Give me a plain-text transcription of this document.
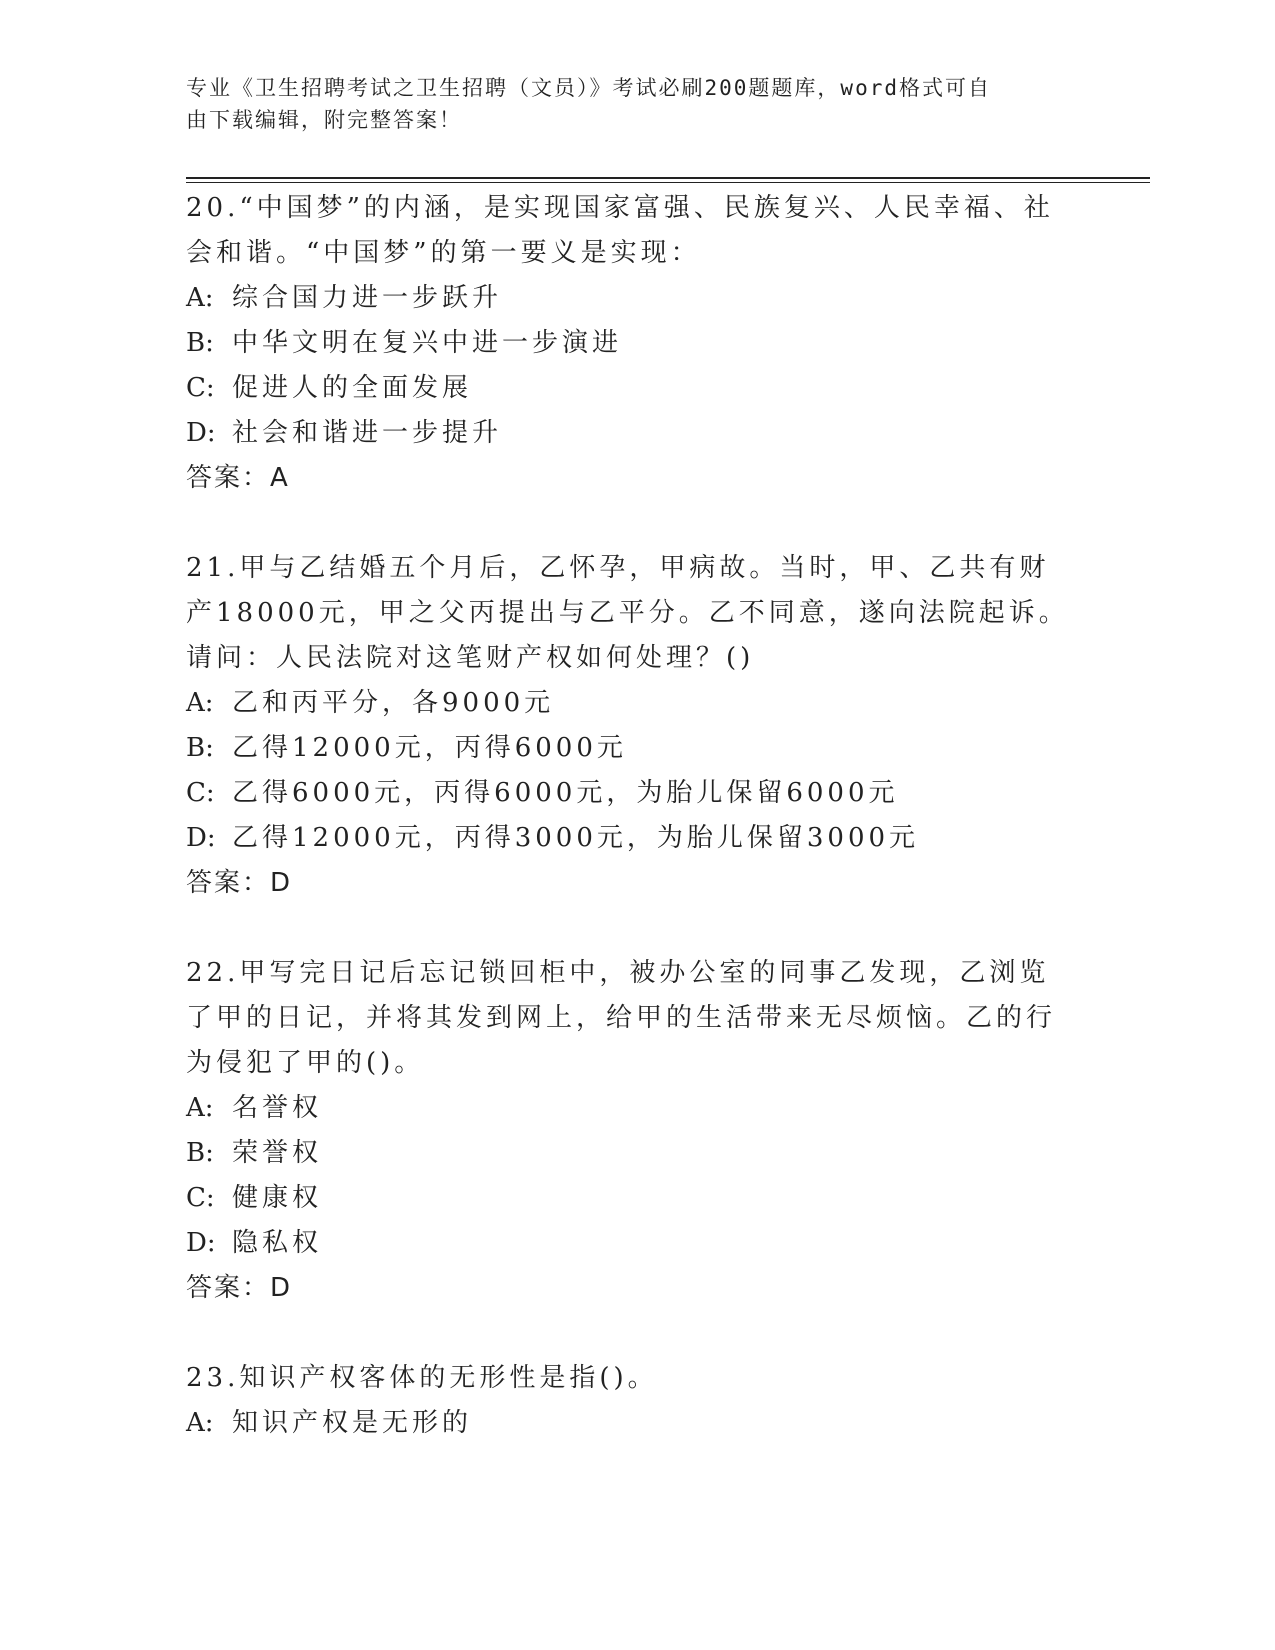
专业《卫生招聘考试之卫生招聘（文员）》考试必刷200题题库，word格式可自
由下载编辑，附完整答案！
20.“中国梦”的内涵，是实现国家富强、民族复兴、人民幸福、社会和谐。“中国梦”的第一要义是实现：
A: 综合国力进一步跃升
B: 中华文明在复兴中进一步演进
C: 促进人的全面发展
D: 社会和谐进一步提升
答案：A
21.甲与乙结婚五个月后，乙怀孕，甲病故。当时，甲、乙共有财产18000元，甲之父丙提出与乙平分。乙不同意，遂向法院起诉。请问：人民法院对这笔财产权如何处理？()
A: 乙和丙平分，各9000元
B: 乙得12000元，丙得6000元
C: 乙得6000元，丙得6000元，为胎儿保留6000元
D: 乙得12000元，丙得3000元，为胎儿保留3000元
答案：D
22.甲写完日记后忘记锁回柜中，被办公室的同事乙发现，乙浏览了甲的日记，并将其发到网上，给甲的生活带来无尽烦恼。乙的行为侵犯了甲的()。
A: 名誉权
B: 荣誉权
C: 健康权
D: 隐私权
答案：D
23.知识产权客体的无形性是指()。
A: 知识产权是无形的
